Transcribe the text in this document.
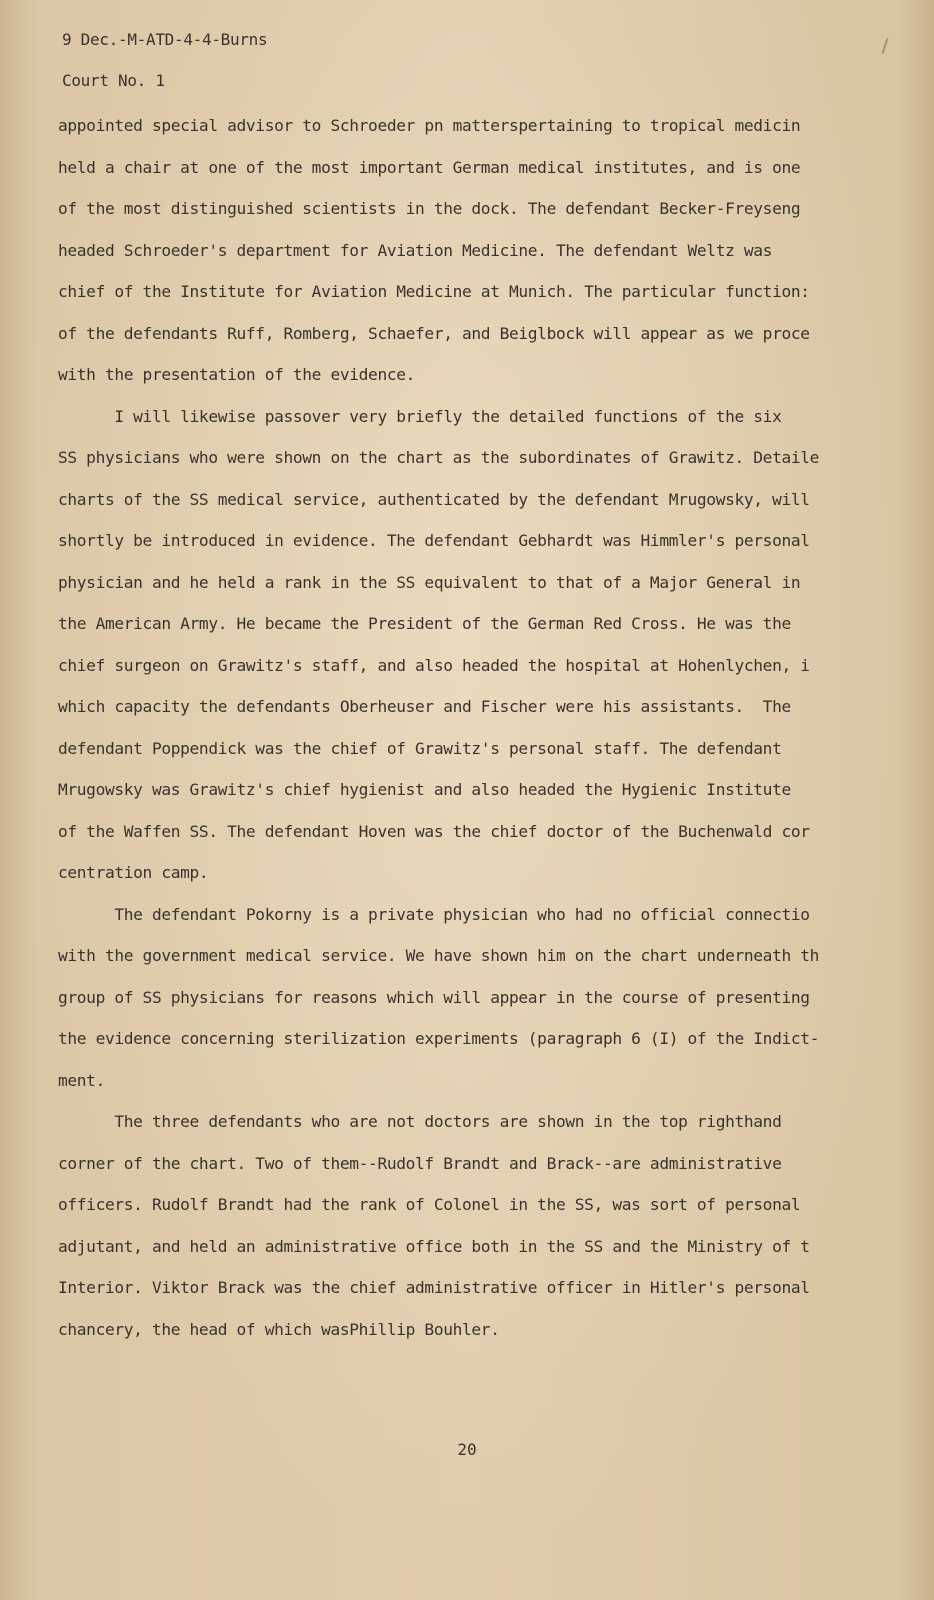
9 Dec.-M-ATD-4-4-Burns
Court No. 1
appointed special advisor to Schroeder pn matterspertaining to tropical medicin
held a chair at one of the most important German medical institutes, and is one
of the most distinguished scientists in the dock. The defendant Becker-Freyseng
headed Schroeder's department for Aviation Medicine. The defendant Weltz was
chief of the Institute for Aviation Medicine at Munich. The particular function:
of the defendants Ruff, Romberg, Schaefer, and Beiglbock will appear as we proce
with the presentation of the evidence.
I will likewise passover very briefly the detailed functions of the six
SS physicians who were shown on the chart as the subordinates of Grawitz. Detaile
charts of the SS medical service, authenticated by the defendant Mrugowsky, will
shortly be introduced in evidence. The defendant Gebhardt was Himmler's personal
physician and he held a rank in the SS equivalent to that of a Major General in
the American Army. He became the President of the German Red Cross. He was the
chief surgeon on Grawitz's staff, and also headed the hospital at Hohenlychen, i
which capacity the defendants Oberheuser and Fischer were his assistants.  The
defendant Poppendick was the chief of Grawitz's personal staff. The defendant
Mrugowsky was Grawitz's chief hygienist and also headed the Hygienic Institute
of the Waffen SS. The defendant Hoven was the chief doctor of the Buchenwald cor
centration camp.
The defendant Pokorny is a private physician who had no official connectio
with the government medical service. We have shown him on the chart underneath th
group of SS physicians for reasons which will appear in the course of presenting
the evidence concerning sterilization experiments (paragraph 6 (I) of the Indict-
ment.
The three defendants who are not doctors are shown in the top righthand
corner of the chart. Two of them--Rudolf Brandt and Brack--are administrative
officers. Rudolf Brandt had the rank of Colonel in the SS, was sort of personal
adjutant, and held an administrative office both in the SS and the Ministry of t
Interior. Viktor Brack was the chief administrative officer in Hitler's personal
chancery, the head of which wasPhillip Bouhler.
20
